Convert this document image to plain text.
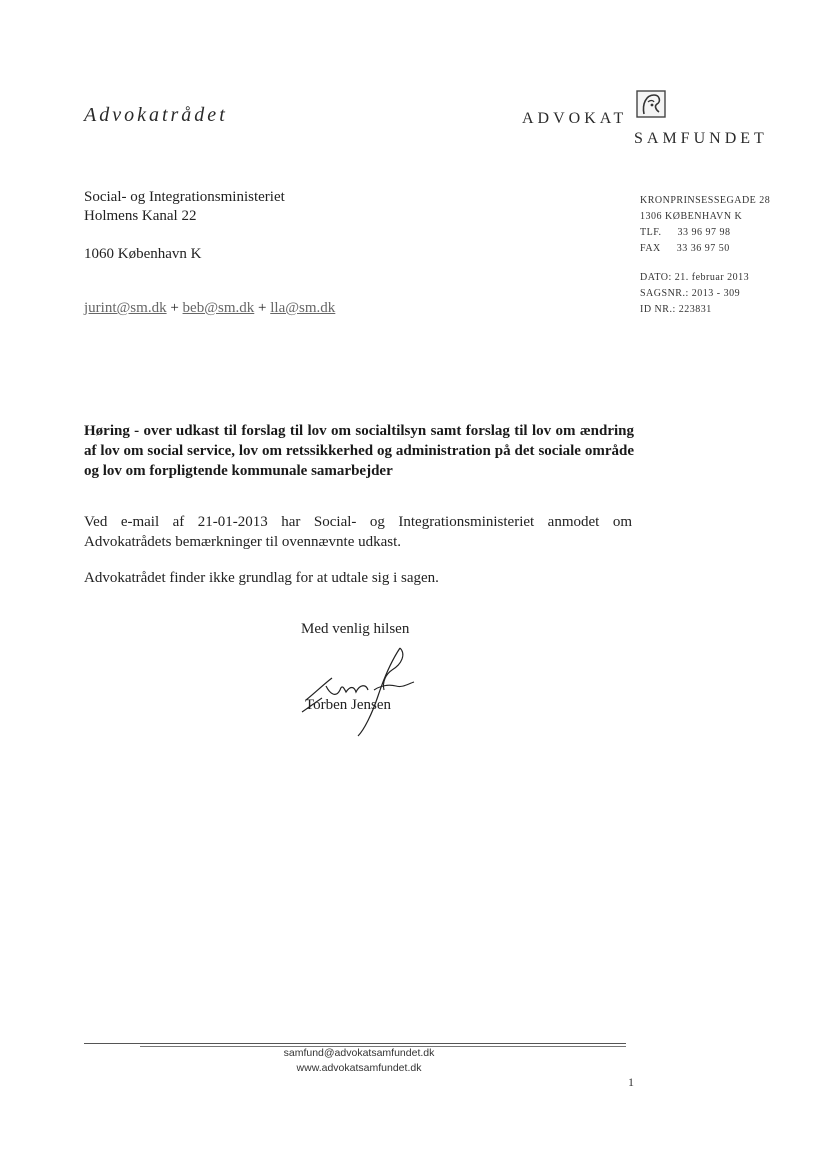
Advokatrådet	ADVOKAT
SAMFUNDET
Social- og Integrationsministeriet
Holmens Kanal 22
1060 København K
jurint@sm.dk + beb@sm.dk + lla@sm.dk
KRONPRINSESSEGADE 28
1306 KØBENHAVN K
TLF. 33 96 97 98
FAX 33 36 97 50
DATO: 21. februar 2013
SAGSNR.: 2013 - 309
ID NR.: 223831
Høring - over udkast til forslag til lov om socialtilsyn samt forslag til lov om ændring af lov om social service, lov om retssikkerhed og administration på det sociale område og lov om forpligtende kommunale samarbejder
Ved e-mail af 21-01-2013 har Social- og Integrationsministeriet anmodet om Advokatrådets bemærkninger til ovennævnte udkast.
Advokatrådet finder ikke grundlag for at udtale sig i sagen.
Med venlig hilsen
Torben Jensen
samfund@advokatsamfundet.dk
www.advokatsamfundet.dk
1
